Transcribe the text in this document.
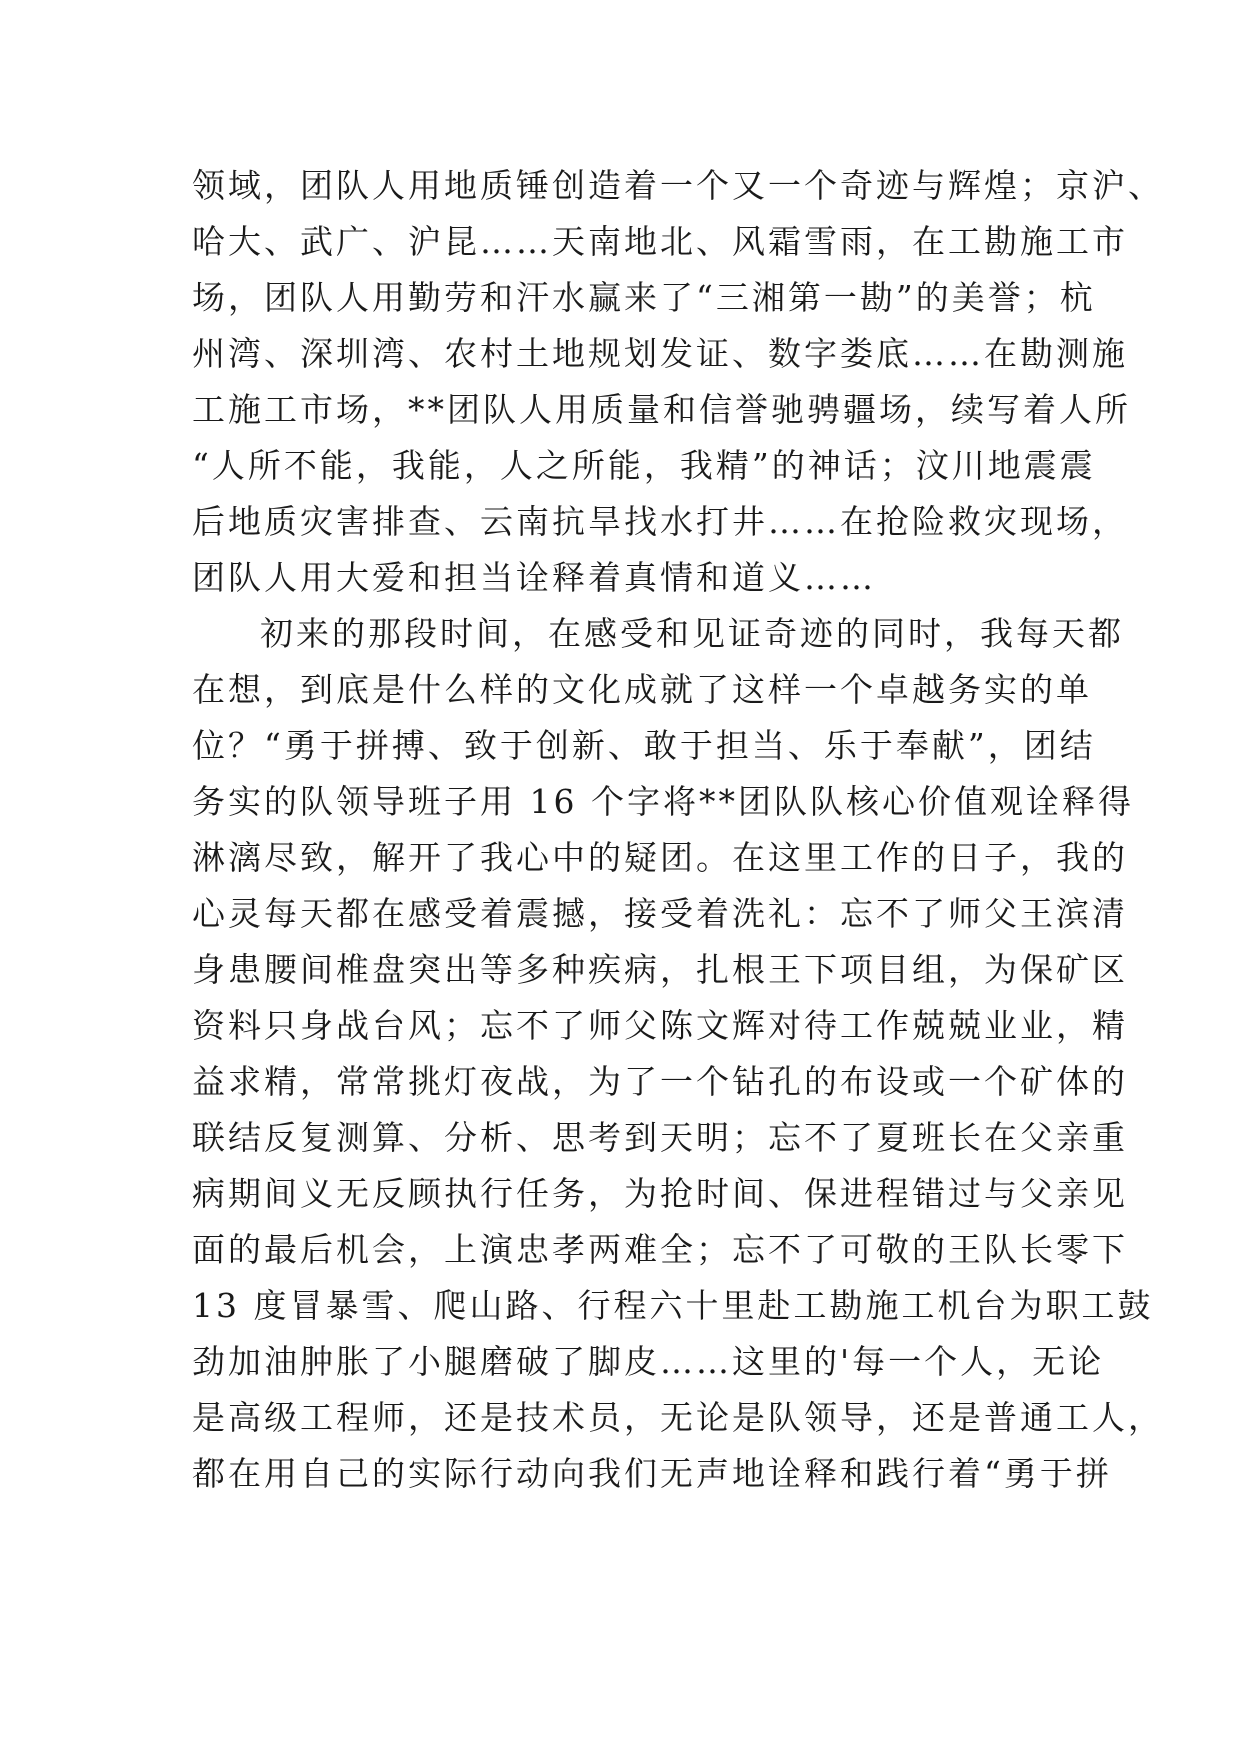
领域，团队人用地质锤创造着一个又一个奇迹与辉煌；京沪、
哈大、武广、沪昆……天南地北、风霜雪雨，在工勘施工市
场，团队人用勤劳和汗水赢来了“三湘第一勘”的美誉；杭
州湾、深圳湾、农村土地规划发证、数字娄底……在勘测施
工施工市场，**团队人用质量和信誉驰骋疆场，续写着人所
“人所不能，我能，人之所能，我精”的神话；汶川地震震
后地质灾害排查、云南抗旱找水打井……在抢险救灾现场，
团队人用大爱和担当诠释着真情和道义……
初来的那段时间，在感受和见证奇迹的同时，我每天都
在想，到底是什么样的文化成就了这样一个卓越务实的单
位？“勇于拼搏、致于创新、敢于担当、乐于奉献”，团结
务实的队领导班子用 16 个字将**团队队核心价值观诠释得
淋漓尽致，解开了我心中的疑团。在这里工作的日子，我的
心灵每天都在感受着震撼，接受着洗礼：忘不了师父王滨清
身患腰间椎盘突出等多种疾病，扎根王下项目组，为保矿区
资料只身战台风；忘不了师父陈文辉对待工作兢兢业业，精
益求精，常常挑灯夜战，为了一个钻孔的布设或一个矿体的
联结反复测算、分析、思考到天明；忘不了夏班长在父亲重
病期间义无反顾执行任务，为抢时间、保进程错过与父亲见
面的最后机会，上演忠孝两难全；忘不了可敬的王队长零下
13 度冒暴雪、爬山路、行程六十里赴工勘施工机台为职工鼓
劲加油肿胀了小腿磨破了脚皮……这里的'每一个人，无论
是高级工程师，还是技术员，无论是队领导，还是普通工人，
都在用自己的实际行动向我们无声地诠释和践行着“勇于拼
